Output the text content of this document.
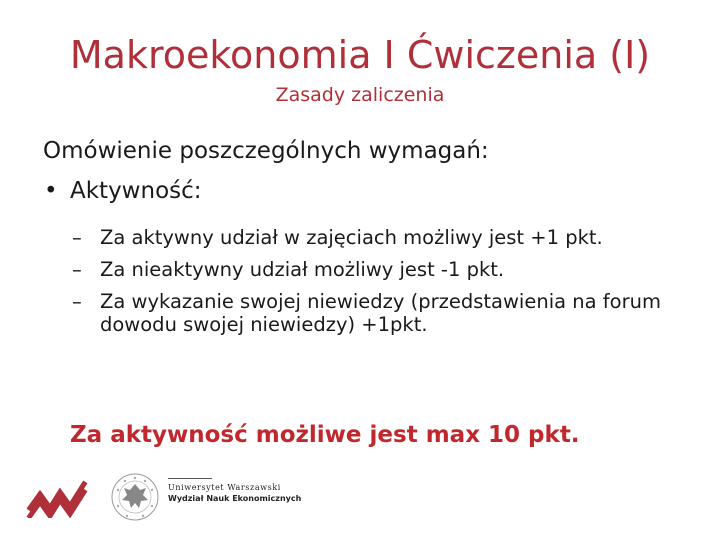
Makroekonomia I Ćwiczenia (I)
Zasady zaliczenia
Omówienie poszczególnych wymagań:
• Aktywność:
– Za aktywny udział w zajęciach możliwy jest +1 pkt.
– Za nieaktywny udział możliwy jest -1 pkt.
– Za wykazanie swojej niewiedzy (przedstawienia na forum dowodu swojej niewiedzy) +1pkt.
Za aktywność możliwe jest max 10 pkt.
Uniwersytet Warszawski
Wydział Nauk Ekonomicznych
